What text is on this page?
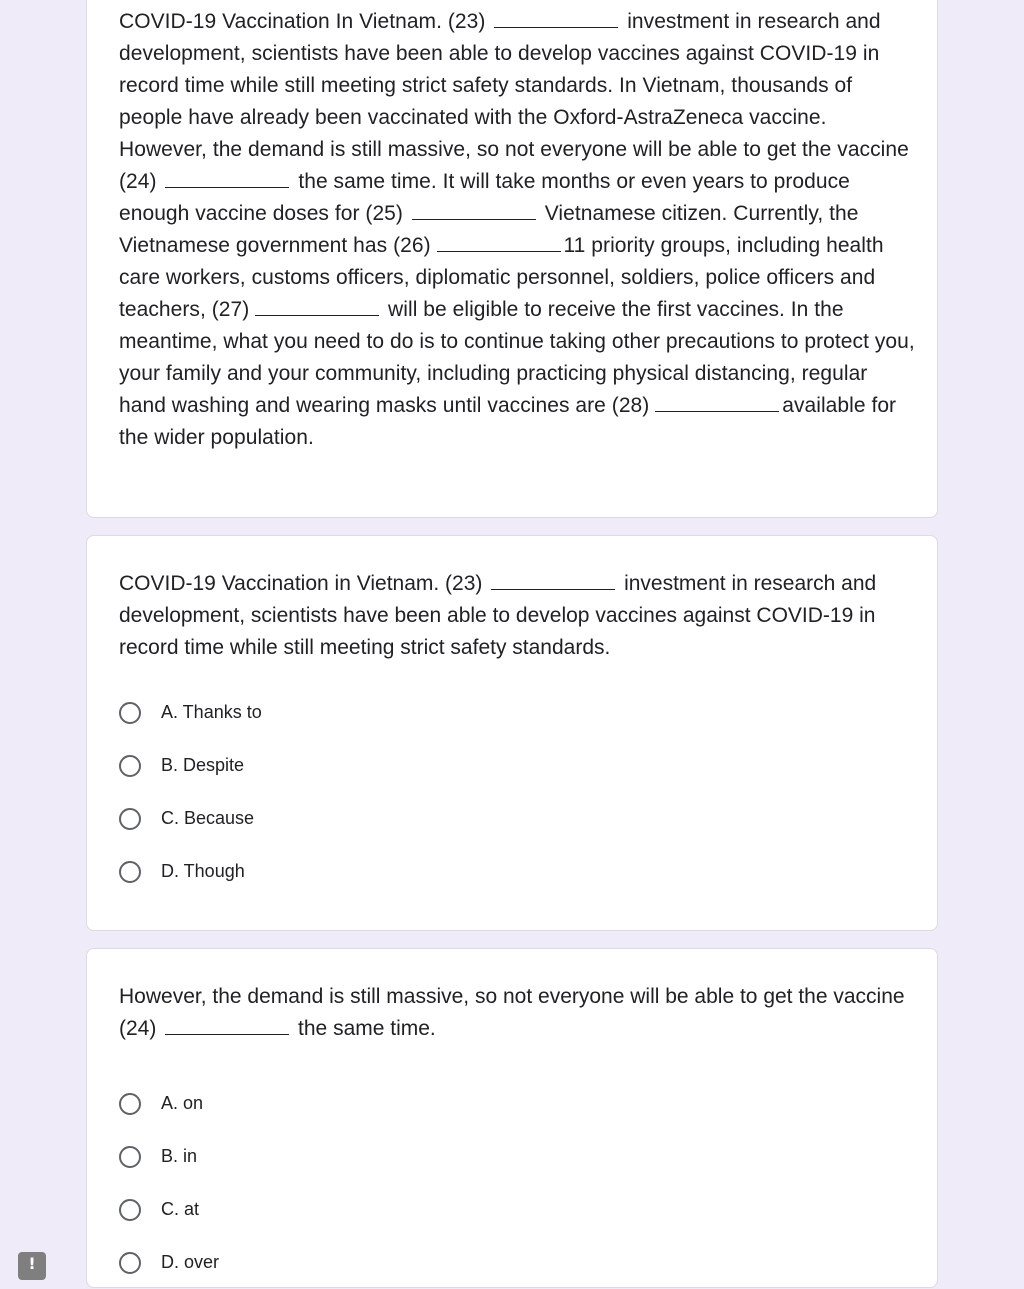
COVID-19 Vaccination In Vietnam. (23)	investment in research and development, scientists have been able to develop vaccines against COVID-19 in record time while still meeting strict safety standards. In Vietnam, thousands of people have already been vaccinated with the Oxford-AstraZeneca vaccine. However, the demand is still massive, so not everyone will be able to get the vaccine (24)	the same time. It will take months or even years to produce enough vaccine doses for (25)	Vietnamese citizen. Currently, the Vietnamese government has (26)	11 priority groups, including health care workers, customs officers, diplomatic personnel, soldiers, police officers and teachers, (27)	will be eligible to receive the first vaccines. In the meantime, what you need to do is to continue taking other precautions to protect you, your family and your community, including practicing physical distancing, regular hand washing and wearing masks until vaccines are (28)	available for the wider population.
COVID-19 Vaccination in Vietnam. (23)	investment in research and development, scientists have been able to develop vaccines against COVID-19 in record time while still meeting strict safety standards.
A. Thanks to
B. Despite
C. Because
D. Though
However, the demand is still massive, so not everyone will be able to get the vaccine (24)	the same time.
A. on
B. in
C. at
D. over
!
